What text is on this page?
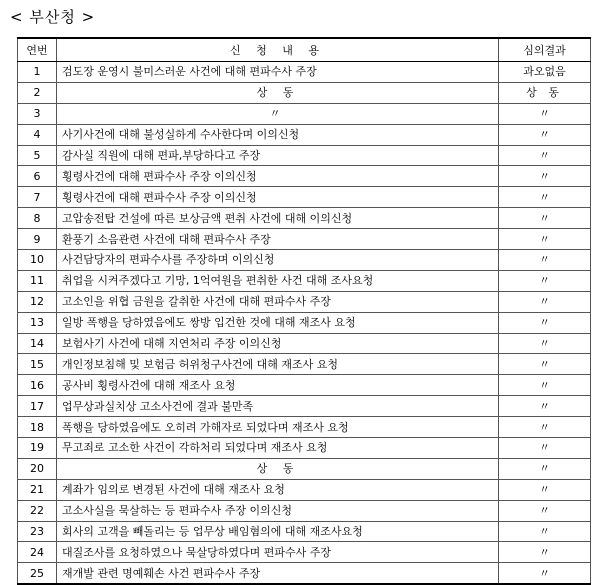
< 부산청 >
연번	신 청 내 용	심의결과
1	검도장 운영시 불미스러운 사건에 대해 편파수사 주장	과오없음
2	상 동	상 동
3	〃	〃
4	사기사건에 대해 불성실하게 수사한다며 이의신청	〃
5	감사실 직원에 대해 편파,부당하다고 주장	〃
6	횡령사건에 대해 편파수사 주장 이의신청	〃
7	횡령사건에 대해 편파수사 주장 이의신청	〃
8	고압송전탑 건설에 따른 보상금액 편취 사건에 대해 이의신청	〃
9	환풍기 소음관련 사건에 대해 편파수사 주장	〃
10	사건담당자의 편파수사를 주장하며 이의신청	〃
11	취업을 시켜주겠다고 기망, 1억여원을 편취한 사건 대해 조사요청	〃
12	고소인을 위협 금원을 갈취한 사건에 대해 편파수사 주장	〃
13	일방 폭행을 당하였음에도 쌍방 입건한 것에 대해 재조사 요청	〃
14	보험사기 사건에 대해 지연처리 주장 이의신청	〃
15	개인정보침해 및 보험금 허위청구사건에 대해 재조사 요청	〃
16	공사비 횡령사건에 대해 재조사 요청	〃
17	업무상과실치상 고소사건에 결과 불만족	〃
18	폭행을 당하였음에도 오히려 가해자로 되었다며 재조사 요청	〃
19	무고죄로 고소한 사건이 각하처리 되었다며 재조사 요청	〃
20	상 동	〃
21	계좌가 임의로 변경된 사건에 대해 재조사 요청	〃
22	고소사실을 묵살하는 등 편파수사 주장 이의신청	〃
23	회사의 고객을 빼돌리는 등 업무상 배임혐의에 대해 재조사요청	〃
24	대질조사를 요청하였으나 묵살당하였다며 편파수사 주장	〃
25	재개발 관련 명예훼손 사건 편파수사 주장	〃
